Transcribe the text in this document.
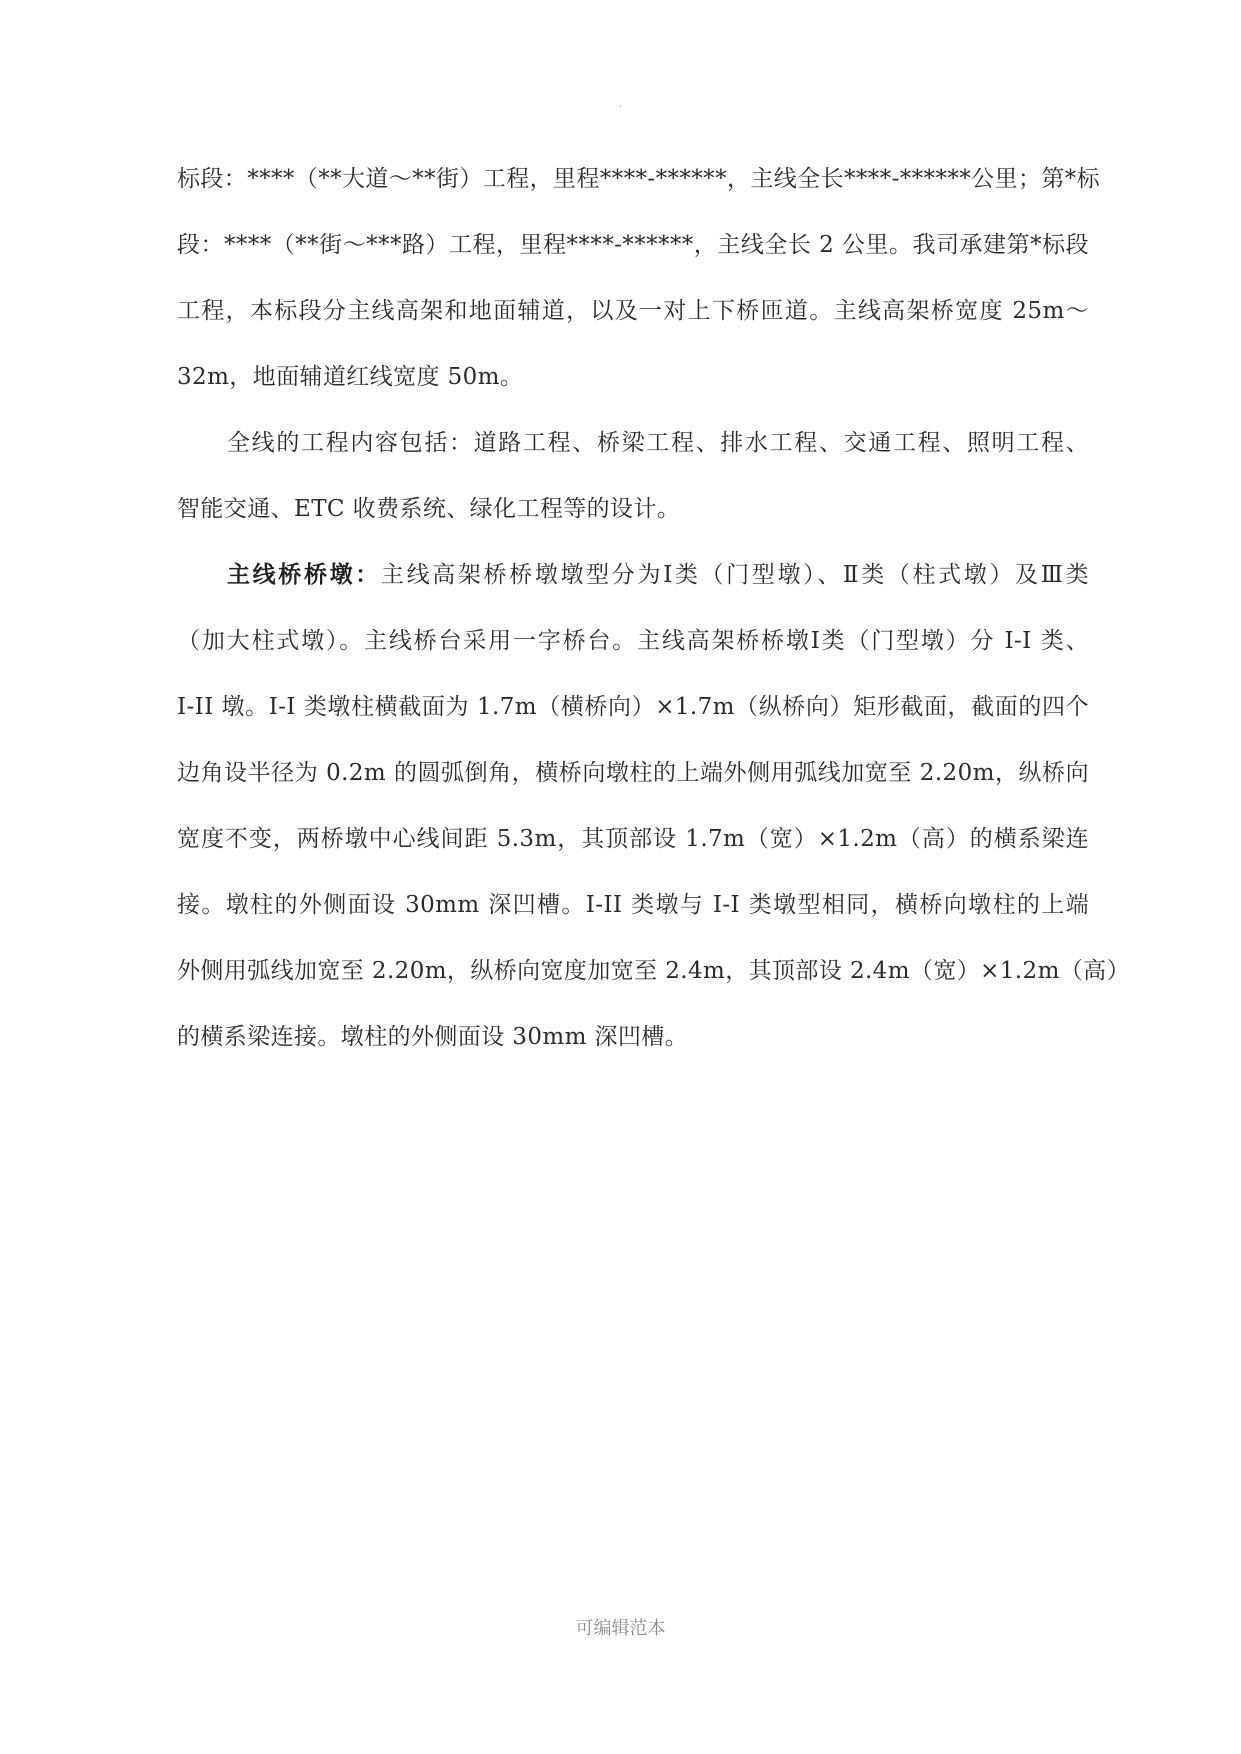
.
标段：****（**大道～**街）工程，里程****-******，主线全长****-******公里；第*标
段：****（**街～***路）工程，里程****-******，主线全长 2 公里。我司承建第*标段
工程，本标段分主线高架和地面辅道，以及一对上下桥匝道。主线高架桥宽度 25m～
32m，地面辅道红线宽度 50m。
全线的工程内容包括：道路工程、桥梁工程、排水工程、交通工程、照明工程、
智能交通、ETC 收费系统、绿化工程等的设计。
主线桥桥墩：主线高架桥桥墩墩型分为Ⅰ类（门型墩）、Ⅱ类（柱式墩）及Ⅲ类
（加大柱式墩）。主线桥台采用一字桥台。主线高架桥桥墩Ⅰ类（门型墩）分 I-I 类、
I-II 墩。I-I 类墩柱横截面为 1.7m（横桥向）×1.7m（纵桥向）矩形截面，截面的四个
边角设半径为 0.2m 的圆弧倒角，横桥向墩柱的上端外侧用弧线加宽至 2.20m，纵桥向
宽度不变，两桥墩中心线间距 5.3m，其顶部设 1.7m（宽）×1.2m（高）的横系梁连
接。墩柱的外侧面设 30mm 深凹槽。I-II 类墩与 I-I 类墩型相同，横桥向墩柱的上端
外侧用弧线加宽至 2.20m，纵桥向宽度加宽至 2.4m，其顶部设 2.4m（宽）×1.2m（高）
的横系梁连接。墩柱的外侧面设 30mm 深凹槽。
可编辑范本
